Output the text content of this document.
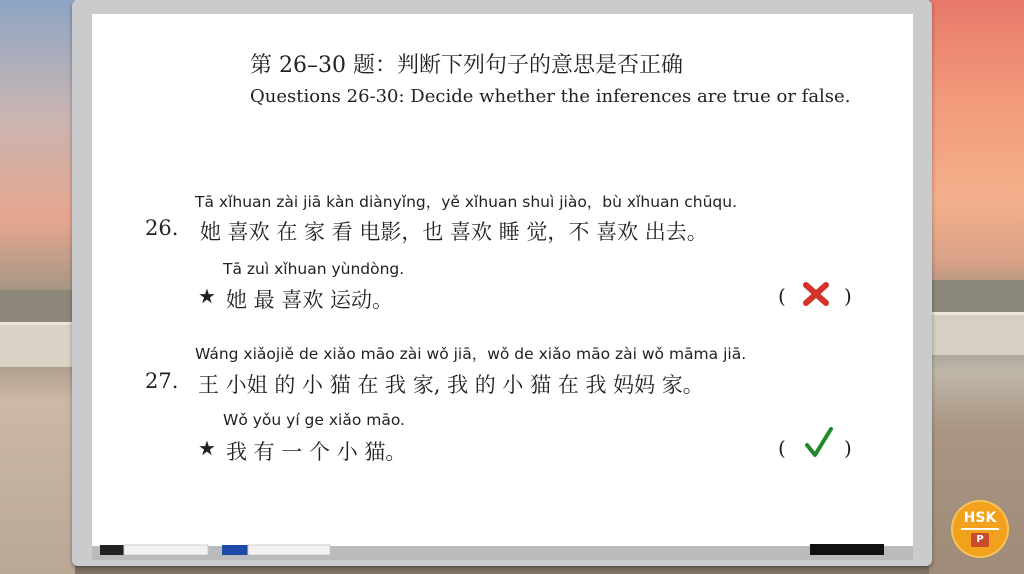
第 26–30 题：判断下列句子的意思是否正确
Questions 26-30: Decide whether the inferences are true or false.
Tā xǐhuan zài jiā kàn diànyǐng，yě xǐhuan shuì jiào，bù xǐhuan chūqu.
26. 她 喜欢 在 家 看 电影，也 喜欢 睡 觉，不 喜欢 出去。
Tā zuì xǐhuan yùndòng.
★ 她 最 喜欢 运动。	(	)
Wáng xiǎojiě de xiǎo māo zài wǒ jiā，wǒ de xiǎo māo zài wǒ māma jiā.
27. 王 小姐 的 小 猫 在 我 家, 我 的 小 猫 在 我 妈妈 家。
Wǒ yǒu yí ge xiǎo māo.
★ 我 有 一 个 小 猫。	(	)
HSK
P
